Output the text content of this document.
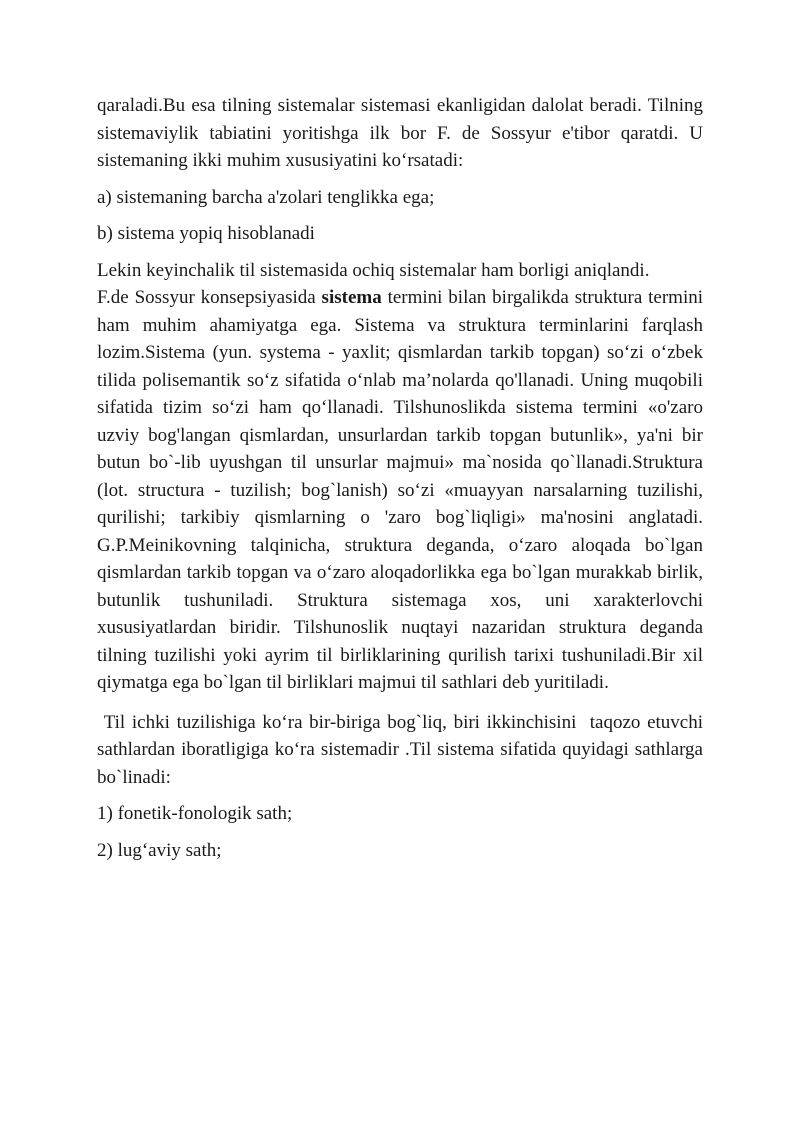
qaraladi.Bu esa tilning sistemalar sistemasi ekanligidan dalolat beradi. Tilning sistemaviylik tabiatini yoritishga ilk bor F. de Sossyur e'tibor qaratdi. U sistemaning ikki muhim xususiyatini ko‘rsatadi:

a) sistemaning barcha a'zolari tenglikka ega;

b) sistema yopiq hisoblanadi

Lekin keyinchalik til sistemasida ochiq sistemalar ham borligi aniqlandi.

F.de Sossyur konsepsiyasida sistema termini bilan birgalikda struktura termini ham muhim ahamiyatga ega. Sistema va struktura terminlarini farqlash lozim.Sistema (yun. systema - yaxlit; qismlardan tarkib topgan) so‘zi o‘zbek tilida polisemantik so‘z sifatida o‘nlab ma’nolarda qo'llanadi. Uning muqobili sifatida tizim so‘zi ham qo‘llanadi. Tilshunoslikda sistema termini «o'zaro uzviy bog'langan qismlardan, unsurlardan tarkib topgan butunlik», ya'ni bir butun bo`-lib uyushgan til unsurlar majmui» ma`nosida qo`llanadi.Struktura (lot. structura - tuzilish; bog`lanish) so‘zi «muayyan narsalarning tuzilishi, qurilishi; tarkibiy qismlarning o 'zaro bog`liqligi» ma'nosini anglatadi. G.P.Meinikovning talqinicha, struktura deganda, o‘zaro aloqada bo`lgan qismlardan tarkib topgan va o‘zaro aloqadorlikka ega bo`lgan murakkab birlik, butunlik tushuniladi. Struktura sistemaga xos, uni xarakterlovchi xususiyatlardan biridir. Tilshunoslik nuqtayi nazaridan struktura deganda tilning tuzilishi yoki ayrim til birliklarining qurilish tarixi tushuniladi.Bir xil qiymatga ega bo`lgan til birliklari majmui til sathlari deb yuritiladi.

Til ichki tuzilishiga ko‘ra bir-biriga bog`liq, biri ikkinchisini  taqozo etuvchi sathlardan iboratligiga ko‘ra sistemadir .Til sistema sifatida quyidagi sathlarga bo`linadi:

1) fonetik-fonologik sath;

2) lug‘aviy sath;
